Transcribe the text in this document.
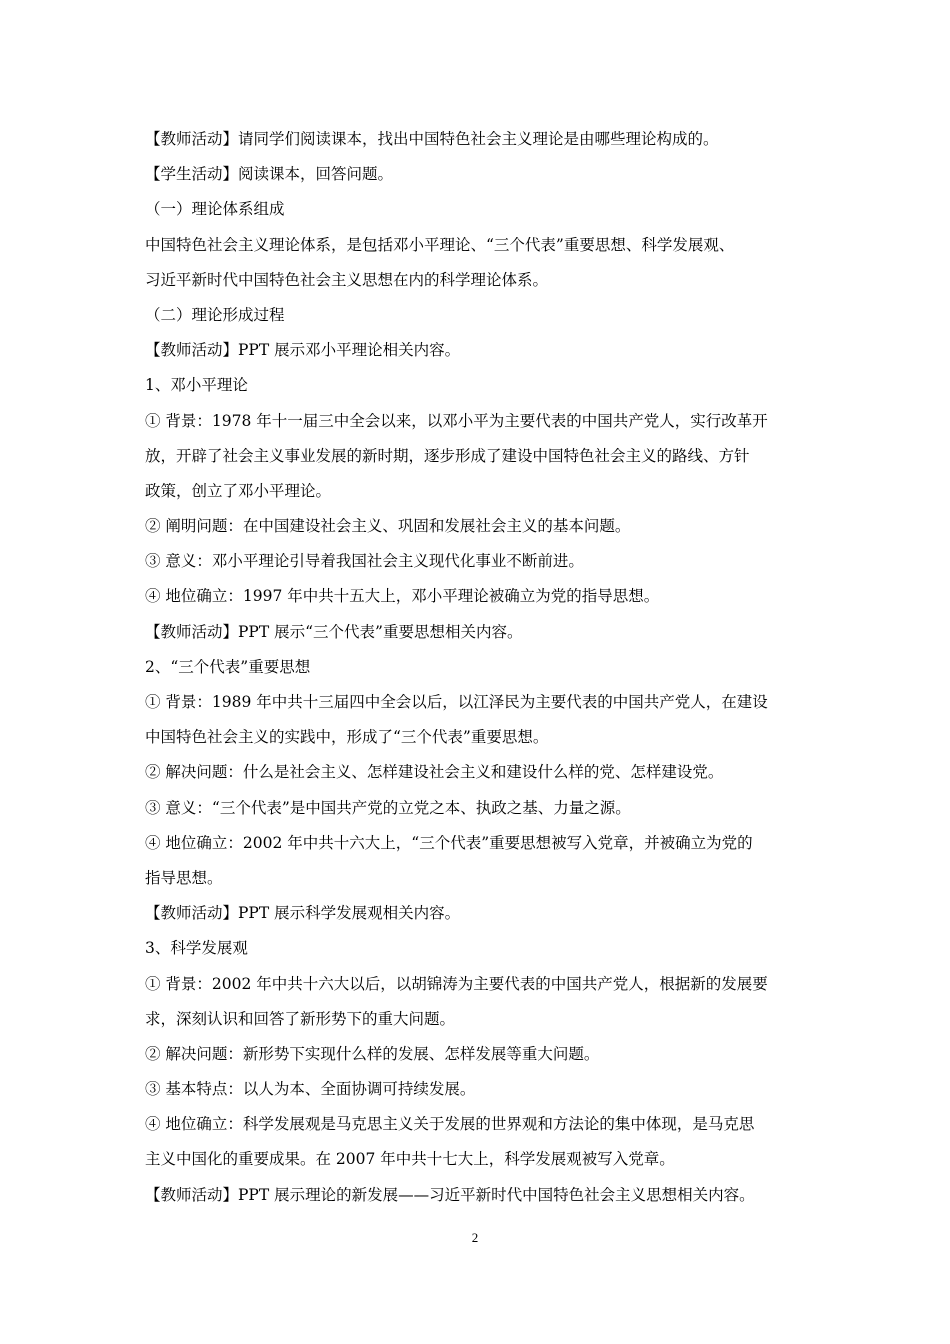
【教师活动】请同学们阅读课本，找出中国特色社会主义理论是由哪些理论构成的。
【学生活动】阅读课本，回答问题。
（一）理论体系组成
中国特色社会主义理论体系，是包括邓小平理论、“三个代表”重要思想、科学发展观、
习近平新时代中国特色社会主义思想在内的科学理论体系。
（二）理论形成过程
【教师活动】PPT 展示邓小平理论相关内容。
1、邓小平理论
① 背景：1978 年十一届三中全会以来，以邓小平为主要代表的中国共产党人，实行改革开
放，开辟了社会主义事业发展的新时期，逐步形成了建设中国特色社会主义的路线、方针
政策，创立了邓小平理论。
② 阐明问题：在中国建设社会主义、巩固和发展社会主义的基本问题。
③ 意义：邓小平理论引导着我国社会主义现代化事业不断前进。
④ 地位确立：1997 年中共十五大上，邓小平理论被确立为党的指导思想。
【教师活动】PPT 展示“三个代表”重要思想相关内容。
2、“三个代表”重要思想
① 背景：1989 年中共十三届四中全会以后，以江泽民为主要代表的中国共产党人，在建设
中国特色社会主义的实践中，形成了“三个代表”重要思想。
② 解决问题：什么是社会主义、怎样建设社会主义和建设什么样的党、怎样建设党。
③ 意义：“三个代表”是中国共产党的立党之本、执政之基、力量之源。
④ 地位确立：2002 年中共十六大上，“三个代表”重要思想被写入党章，并被确立为党的
指导思想。
【教师活动】PPT 展示科学发展观相关内容。
3、科学发展观
① 背景：2002 年中共十六大以后，以胡锦涛为主要代表的中国共产党人，根据新的发展要
求，深刻认识和回答了新形势下的重大问题。
② 解决问题：新形势下实现什么样的发展、怎样发展等重大问题。
③ 基本特点：以人为本、全面协调可持续发展。
④ 地位确立：科学发展观是马克思主义关于发展的世界观和方法论的集中体现，是马克思
主义中国化的重要成果。在 2007 年中共十七大上，科学发展观被写入党章。
【教师活动】PPT 展示理论的新发展——习近平新时代中国特色社会主义思想相关内容。
2
